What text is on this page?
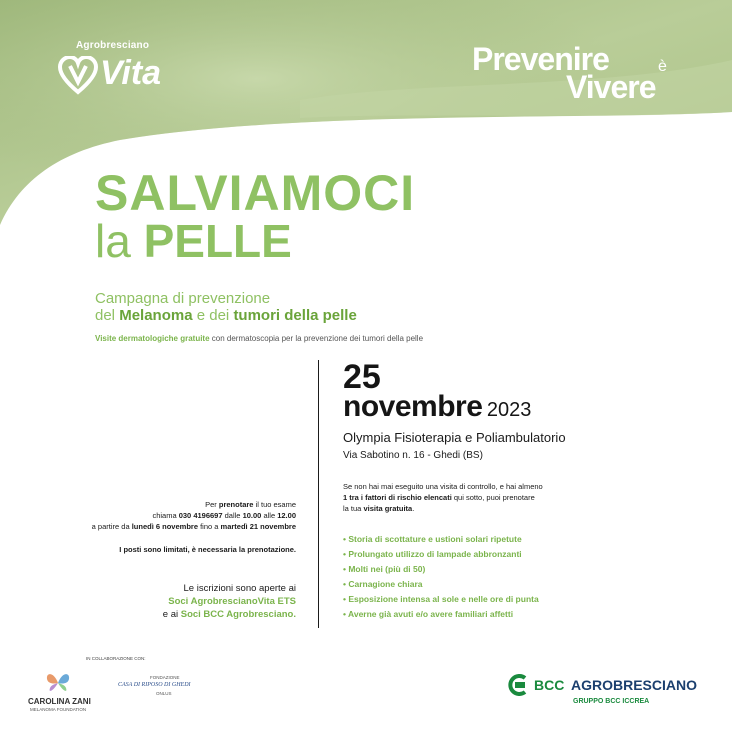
Agrobresciano
Vita	Prevenire	è
Vivere
SALVIAMOCI
la PELLE
Campagna di prevenzione
del Melanoma e dei tumori della pelle
Visite dermatologiche gratuite con dermatoscopia per la prevenzione dei tumori della pelle
25
novembre 2023
Olympia Fisioterapia e Poliambulatorio
Via Sabotino n. 16 - Ghedi (BS)
Se non hai mai eseguito una visita di controllo, e hai almeno
1 tra i fattori di rischio elencati qui sotto, puoi prenotare
la tua visita gratuita.
• Storia di scottature e ustioni solari ripetute
• Prolungato utilizzo di lampade abbronzanti
• Molti nei (più di 50)
• Carnagione chiara
• Esposizione intensa al sole e nelle ore di punta
• Averne già avuti e/o avere familiari affetti
Per prenotare il tuo esame
chiama 030 4196697 dalle 10.00 alle 12.00
a partire da lunedì 6 novembre fino a martedì 21 novembre
I posti sono limitati, è necessaria la prenotazione.
Le iscrizioni sono aperte ai
Soci AgrobrescianoVita ETS
e ai Soci BCC Agrobresciano.
IN COLLABORAZIONE CON:
CAROLINA ZANI
MELANOMA FOUNDATION
FONDAZIONE
CASA DI RIPOSO DI GHEDI
ONLUS
BCC AGROBRESCIANO
GRUPPO BCC ICCREA
